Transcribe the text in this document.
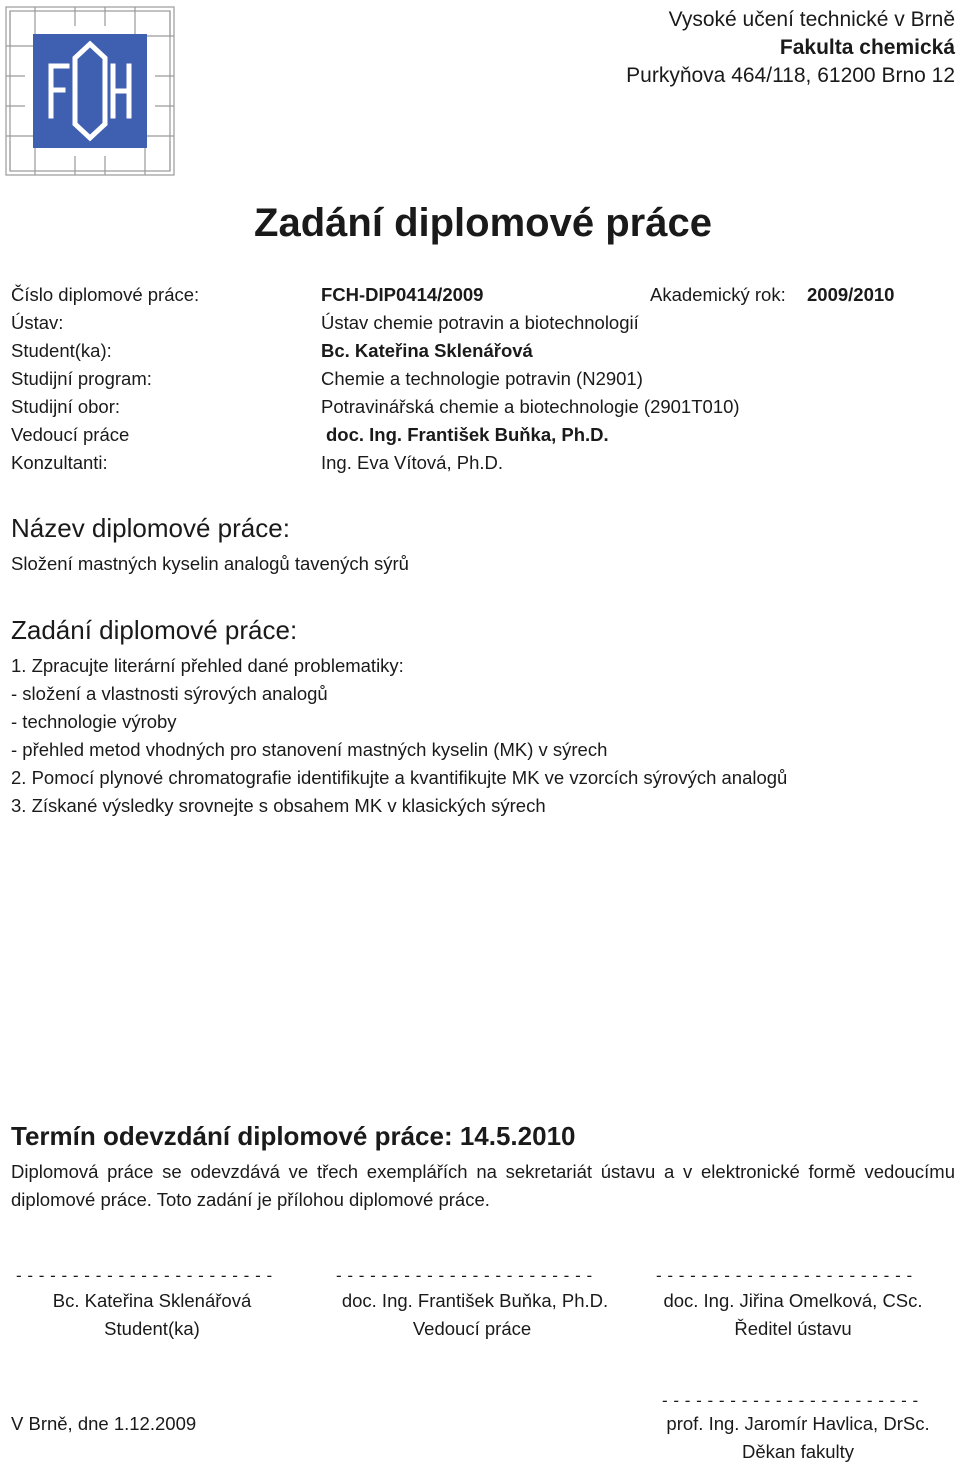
FCH
Vysoké učení technické v Brně
Fakulta chemická
Purkyňova 464/118, 61200 Brno 12
Zadání diplomové práce
Číslo diplomové práce:	FCH-DIP0414/2009	Akademický rok: 2009/2010
Ústav:	Ústav chemie potravin a biotechnologií
Student(ka):	Bc. Kateřina Sklenářová
Studijní program:	Chemie a technologie potravin (N2901)
Studijní obor:	Potravinářská chemie a biotechnologie (2901T010)
Vedoucí práce	doc. Ing. František Buňka, Ph.D.
Konzultanti:	Ing. Eva Vítová, Ph.D.
Název diplomové práce:
Složení mastných kyselin analogů tavených sýrů
Zadání diplomové práce:
1. Zpracujte literární přehled dané problematiky:
- složení a vlastnosti sýrových analogů
- technologie výroby
- přehled metod vhodných pro stanovení mastných kyselin (MK) v sýrech
2. Pomocí plynové chromatografie identifikujte a kvantifikujte MK ve vzorcích sýrových analogů
3. Získané výsledky srovnejte s obsahem MK v klasických sýrech
Termín odevzdání diplomové práce: 14.5.2010
Diplomová práce se odevzdává ve třech exemplářích na sekretariát ústavu a v elektronické formě vedoucímu diplomové práce. Toto zadání je přílohou diplomové práce.
- - - - - - - - - - - - - - - - - - - - - - -	- - - - - - - - - - - - - - - - - - - - - - -	- - - - - - - - - - - - - - - - - - - - - - -
Bc. Kateřina Sklenářová
Student(ka)
doc. Ing. František Buňka, Ph.D.
Vedoucí práce
doc. Ing. Jiřina Omelková, CSc.
Ředitel ústavu
- - - - - - - - - - - - - - - - - - - - - - -
V Brně, dne 1.12.2009	prof. Ing. Jaromír Havlica, DrSc.
Děkan fakulty
